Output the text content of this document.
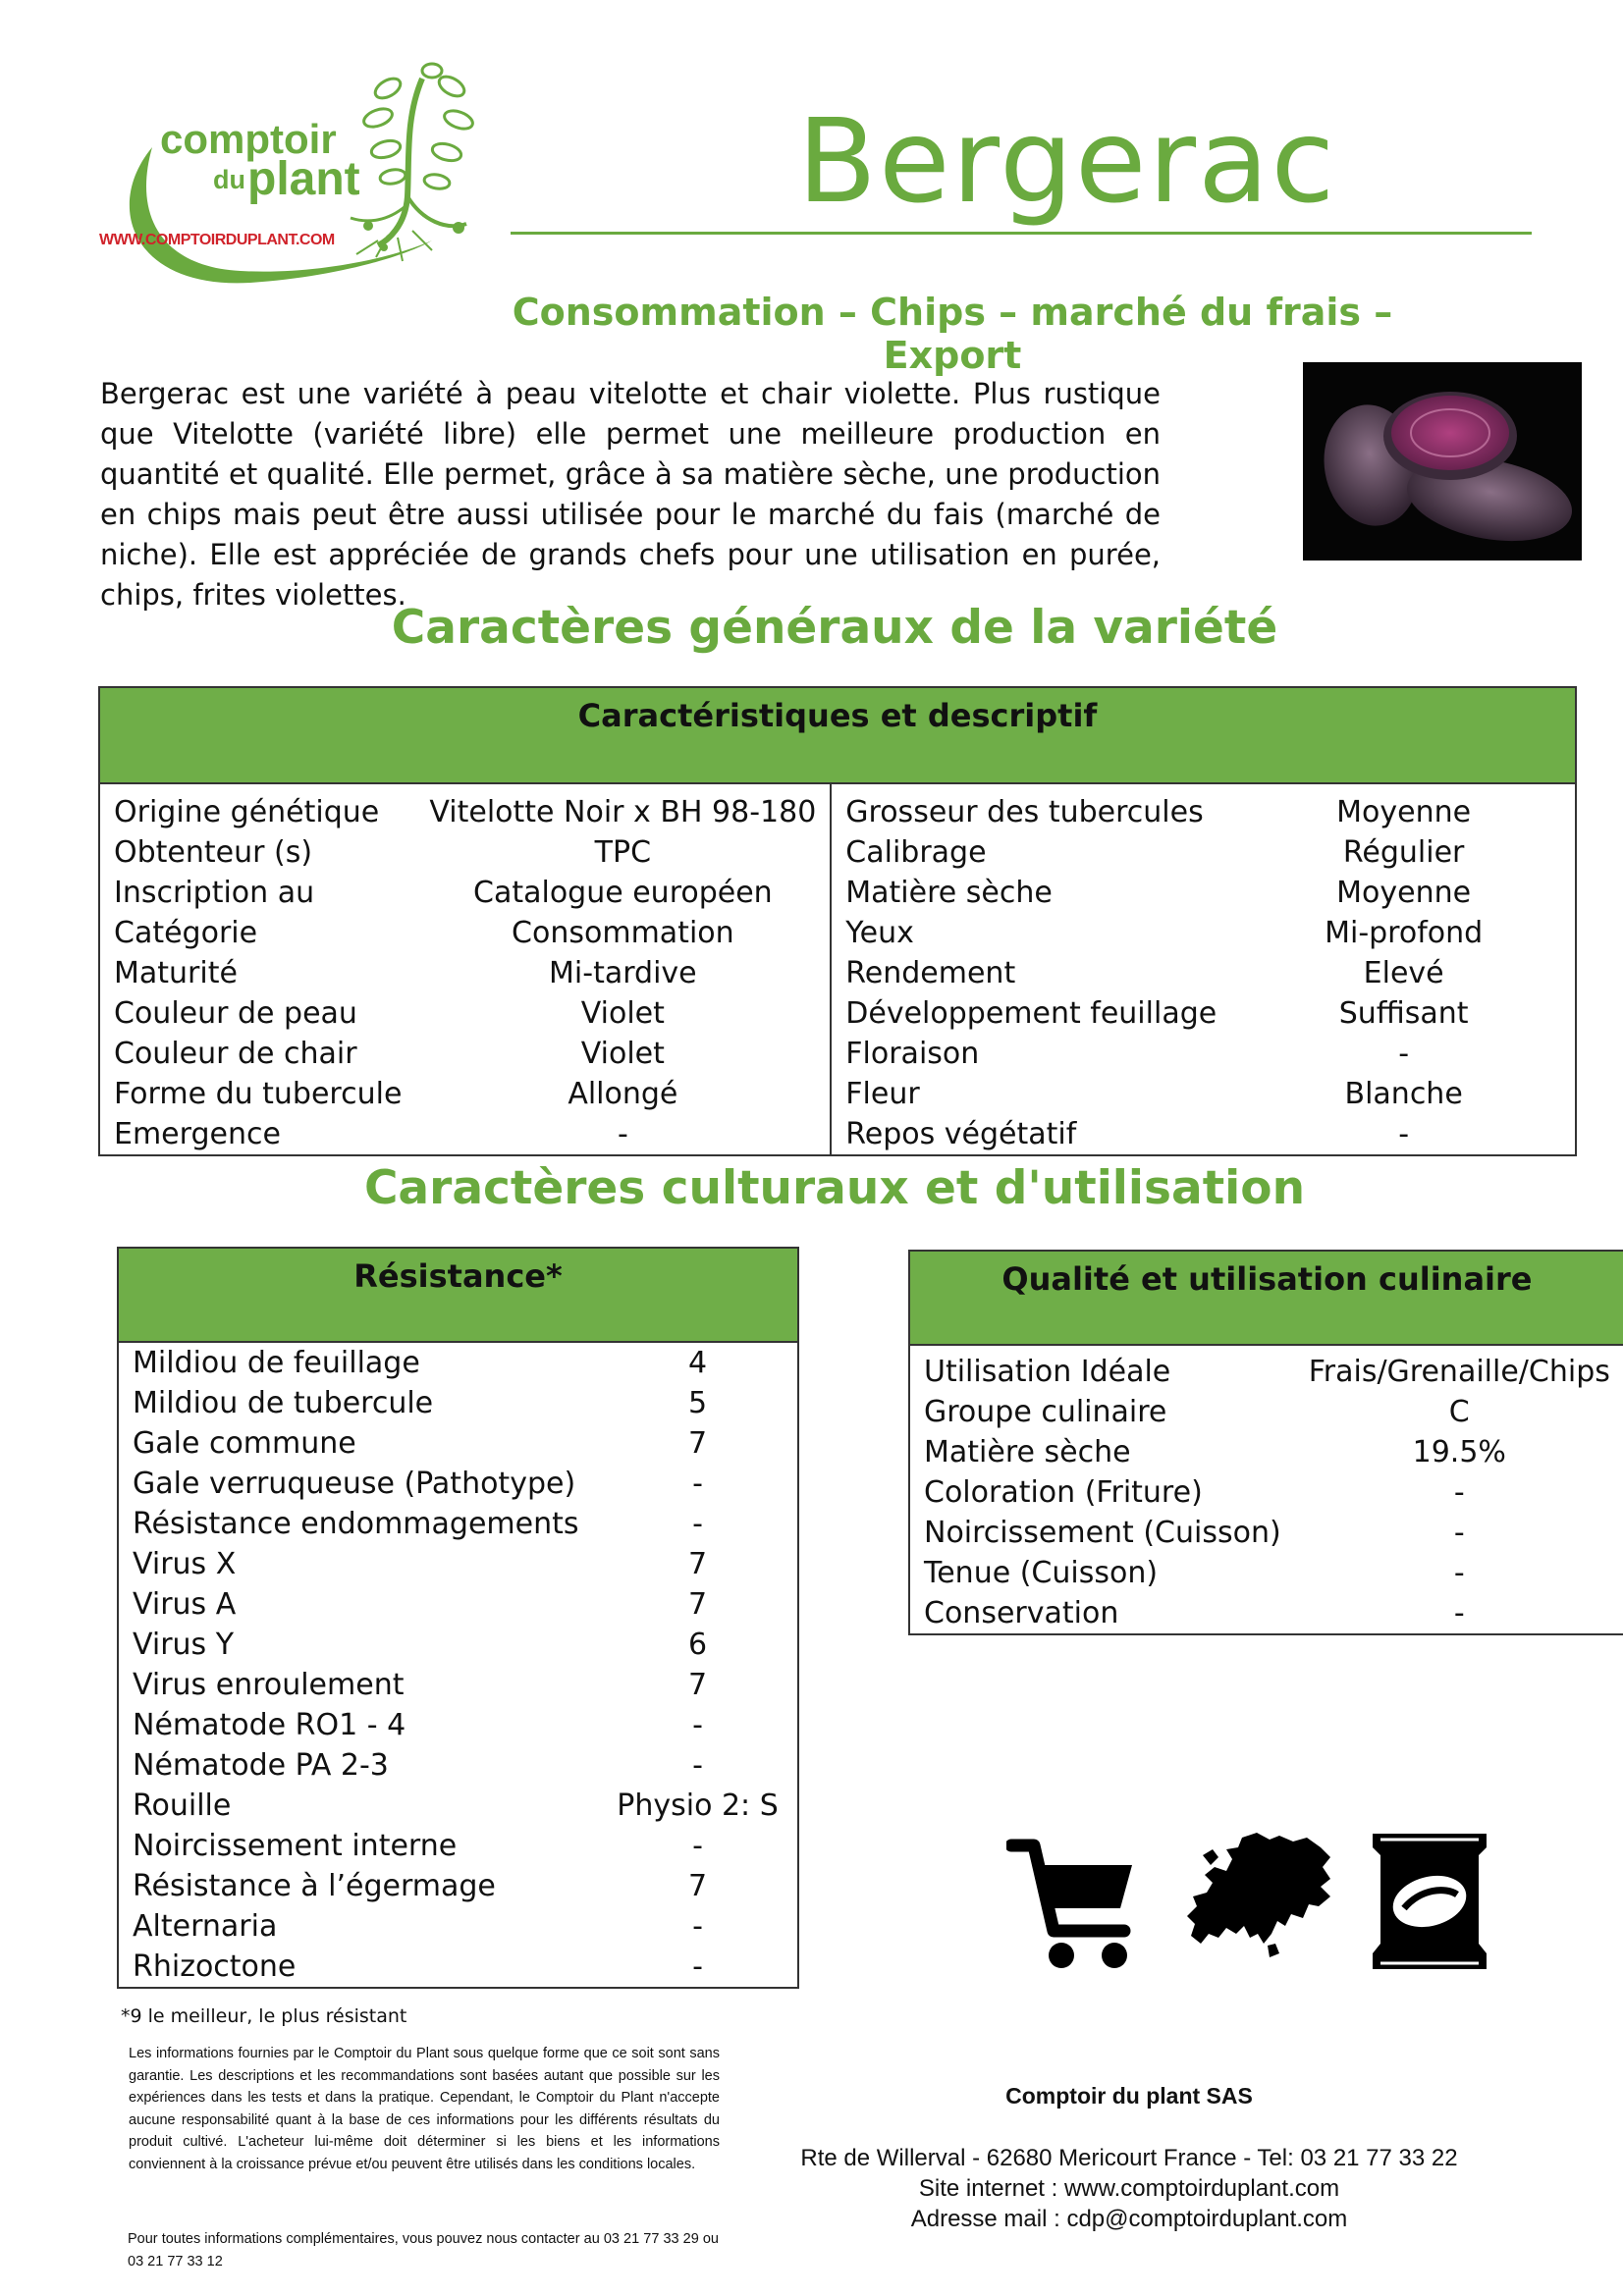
comptoir
du plant
WWW.COMPTOIRDUPLANT.COM
Bergerac
Consommation – Chips – marché du frais – Export
Bergerac est une variété à peau vitelotte et chair violette. Plus rustique que Vitelotte (variété libre) elle permet une meilleure production en quantité et qualité. Elle permet, grâce à sa matière sèche, une production en chips mais peut être aussi utilisée pour le marché du fais (marché de niche). Elle est appréciée de grands chefs pour une utilisation en purée, chips, frites violettes.
Caractères généraux de la variété
Caractéristiques et descriptif			
Origine génétique	Vitelotte Noir x BH 98-180	Grosseur des tubercules	Moyenne
Obtenteur (s)	TPC	Calibrage	Régulier
Inscription au	Catalogue européen	Matière sèche	Moyenne
Catégorie	Consommation	Yeux	Mi-profond
Maturité	Mi-tardive	Rendement	Elevé
Couleur de peau	Violet	Développement feuillage	Suffisant
Couleur de chair	Violet	Floraison	-
Forme du tubercule	Allongé	Fleur	Blanche
Emergence	-	Repos végétatif	-
Caractères culturaux et d'utilisation
Résistance*	
Mildiou de feuillage	4
Mildiou de tubercule	5
Gale commune	7
Gale verruqueuse (Pathotype)	-
Résistance endommagements	-
Virus X	7
Virus A	7
Virus Y	6
Virus enroulement	7
Nématode RO1 - 4	-
Nématode PA 2-3	-
Rouille	Physio 2: S
Noircissement interne	-
Résistance à l’égermage	7
Alternaria	-
Rhizoctone	-
Qualité et utilisation culinaire	
Utilisation Idéale	Frais/Grenaille/Chips
Groupe culinaire	C
Matière sèche	19.5%
Coloration (Friture)	-
Noircissement (Cuisson)	-
Tenue (Cuisson)	-
Conservation	-
*9 le meilleur, le plus résistant
Les informations fournies par le Comptoir du Plant sous quelque forme que ce soit sont sans garantie. Les descriptions et les recommandations sont basées autant que possible sur les expériences dans les tests et dans la pratique. Cependant, le Comptoir du Plant n'accepte aucune responsabilité quant à la base de ces informations pour les différents résultats du produit cultivé. L'acheteur lui-même doit déterminer si les biens et les informations conviennent à la croissance prévue et/ou peuvent être utilisés dans les conditions locales.
Pour toutes informations complémentaires, vous pouvez nous contacter au 03 21 77 33 29 ou 03 21 77 33 12
Comptoir du plant SAS
Rte de Willerval - 62680 Mericourt France - Tel: 03 21 77 33 22
Site internet : www.comptoirduplant.com
Adresse mail : cdp@comptoirduplant.com
